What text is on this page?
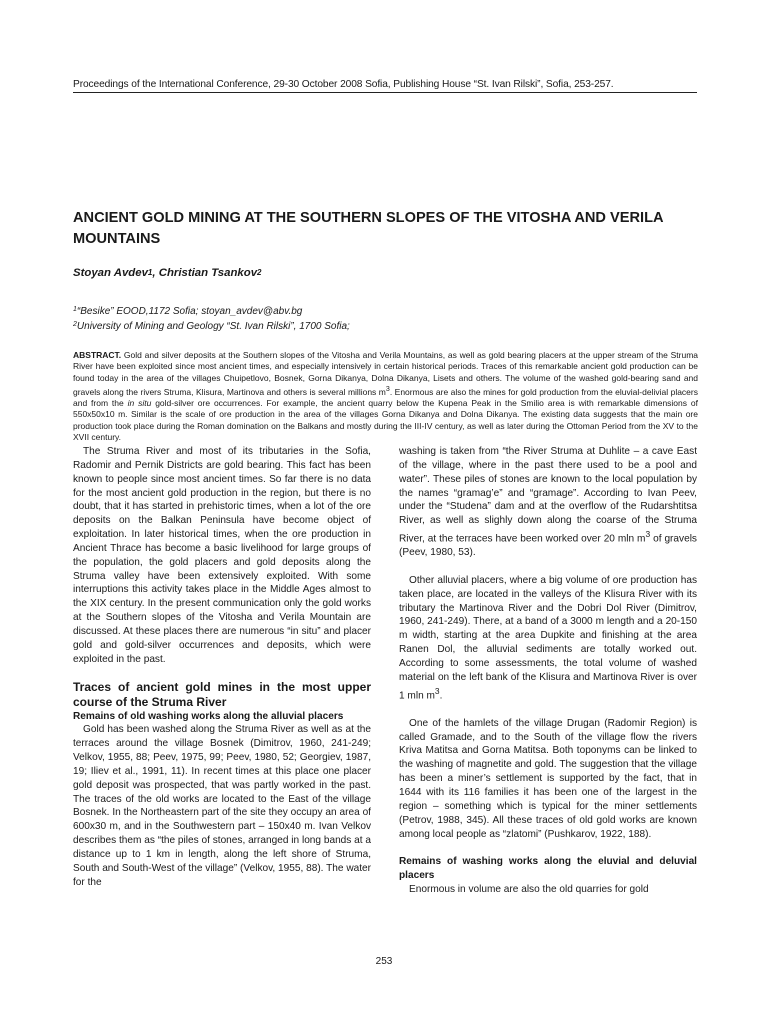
Proceedings of the International Conference, 29-30 October 2008 Sofia, Publishing House “St. Ivan Rilski”, Sofia, 253-257.
ANCIENT GOLD MINING AT THE SOUTHERN SLOPES OF THE VITOSHA AND VERILA MOUNTAINS

Stoyan Avdev$^1$, Christian Tsankov$^2$

$^1$“Besike” EOOD,1172 Sofia; stoyan_avdev@abv.bg

$^2$University of Mining and Geology “St. Ivan Rilski”, 1700 Sofia;

ABSTRACT. Gold and silver deposits at the Southern slopes of the Vitosha and Verila Mountains, as well as gold bearing placers at the upper stream of the Struma River have been exploited since most ancient times, and especially intensively in certain historical periods. Traces of this remarkable ancient gold production can be found today in the area of the villages Chuipetlovo, Bosnek, Gorna Dikanya, Dolna Dikanya, Lisets and others. The volume of the washed gold-bearing sand and gravels along the rivers Struma, Klisura, Martinova and others is several millions $m^3$. Enormous are also the mines for gold production from the eluvial-delivial placers and from the in situ gold-silver ore occurrences. For example, the ancient quarry below the Kupena Peak in the Smilio area is with remarkable dimensions of 550x50x10 m. Similar is the scale of ore production in the area of the villages Gorna Dikanya and Dolna Dikanya. The existing data suggests that the main ore production took place during the Roman domination on the Balkans and mostly during the III-IV century, as well as later during the Ottoman Period from the XV to the XVII century.

The Struma River and most of its tributaries in the Sofia, Radomir and Pernik Districts are gold bearing. This fact has been known to people since most ancient times. So far there is no data for the most ancient gold production in the region, but there is no doubt, that it has started in prehistoric times, when a lot of the ore deposits on the Balkan Peninsula have become object of exploitation. In later historical times, when the ore production in Ancient Thrace has become a basic livelihood for large groups of the population, the gold placers and gold deposits along the Struma valley have been extensively exploited. With some interruptions this activity takes place in the Middle Ages almost to the XIX century. In the present communication only the gold works at the Southern slopes of the Vitosha and Verila Mountain are discussed. At these places there are numerous “in situ” and placer gold and gold-silver occurrences and deposits, which were exploited in the past.

Traces of ancient gold mines in the most upper course of the Struma River
Remains of old washing works along the alluvial placers

Gold has been washed along the Struma River as well as at the terraces around the village Bosnek (Dimitrov, 1960, 241-249; Velkov, 1955, 88; Peev, 1975, 99; Peev, 1980, 52; Georgiev, 1987, 19; Iliev et al., 1991, 11). In recent times at this place one placer gold deposit was prospected, that was partly worked in the past. The traces of the old works are located to the East of the village Bosnek. In the Northeastern part of the site they occupy an area of 600x30 m, and in the Southwestern part – 150x40 m. Ivan Velkov describes them as “the piles of stones, arranged in long bands at a distance up to 1 km in length, along the left shore of Struma, South and South-West of the village” (Velkov, 1955, 88). The water for the

washing is taken from “the River Struma at Duhlite – a cave East of the village, where in the past there used to be a pool and water”. These piles of stones are known to the local population by the names “gramag’e” and “gramage”. According to Ivan Peev, under the “Studena” dam and at the overflow of the Rudarshtitsa River, as well as slighly down along the coarse of the Struma River, at the terraces have been worked over 20 mln $m^3$ of gravels (Peev, 1980, 53).

Other alluvial placers, where a big volume of ore production has taken place, are located in the valleys of the Klisura River with its tributary the Martinova River and the Dobri Dol River (Dimitrov, 1960, 241-249). There, at a band of a 3000 m length and a 20-150 m width, starting at the area Dupkite and finishing at the area Ranen Dol, the alluvial sediments are totally worked out. According to some assessments, the total volume of washed material on the left bank of the Klisura and Martinova River is over 1 mln $m^3$.

One of the hamlets of the village Drugan (Radomir Region) is called Gramade, and to the South of the village flow the rivers Kriva Matitsa and Gorna Matitsa. Both toponyms can be linked to the washing of magnetite and gold. The suggestion that the village has been a miner’s settlement is supported by the fact, that in 1644 with its 116 families it has been one of the largest in the region – something which is typical for the miner settlements (Petrov, 1988, 345). All these traces of old gold works are known among local people as “zlatomi” (Pushkarov, 1922, 188).

Remains of washing works along the eluvial and deluvial placers

Enormous in volume are also the old quarries for gold

253
